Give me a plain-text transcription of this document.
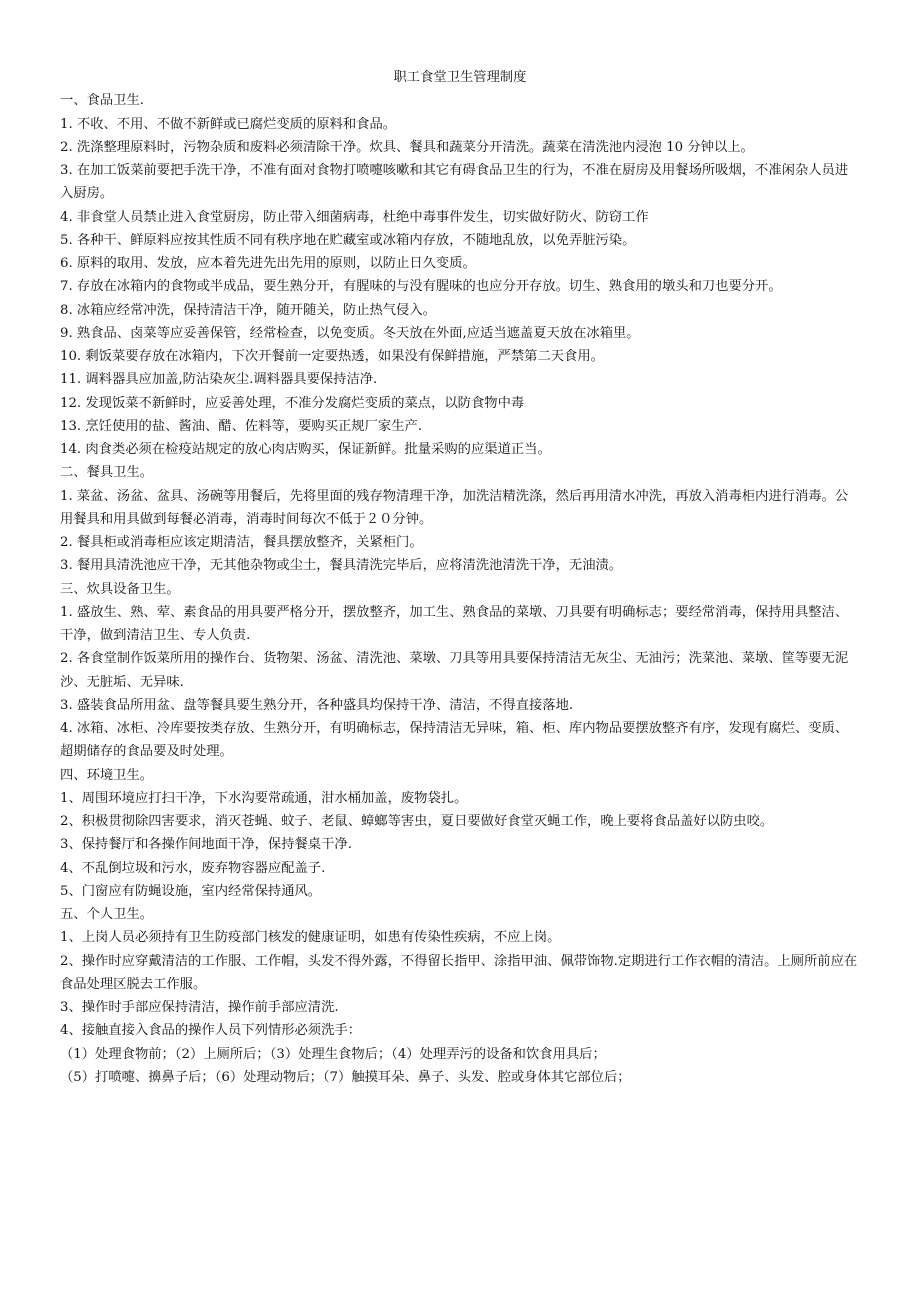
职工食堂卫生管理制度

一、食品卫生.

1. 不收、不用、不做不新鲜或已腐烂变质的原料和食品。

2. 洗涤整理原料时，污物杂质和废料必须清除干净。炊具、餐具和蔬菜分开清洗。蔬菜在清洗池内浸泡 10 分钟以上。

3. 在加工饭菜前要把手洗干净，不准有面对食物打喷嚏咳嗽和其它有碍食品卫生的行为，不准在厨房及用餐场所吸烟，不准闲杂人员进入厨房。

4. 非食堂人员禁止进入食堂厨房，防止带入细菌病毒，杜绝中毒事件发生，切实做好防火、防窃工作

5. 各种干、鲜原料应按其性质不同有秩序地在贮藏室或冰箱内存放，不随地乱放，以免弄脏污染。

6. 原料的取用、发放，应本着先进先出先用的原则，以防止日久变质。

7. 存放在冰箱内的食物或半成品，要生熟分开，有腥味的与没有腥味的也应分开存放。切生、熟食用的墩头和刀也要分开。

8. 冰箱应经常冲洗，保持清洁干净，随开随关，防止热气侵入。

9. 熟食品、卤菜等应妥善保管，经常检查，以免变质。冬天放在外面,应适当遮盖夏天放在冰箱里。

10. 剩饭菜要存放在冰箱内，下次开餐前一定要热透，如果没有保鲜措施，严禁第二天食用。

11. 调料器具应加盖,防沾染灰尘.调料器具要保持洁净.

12. 发现饭菜不新鲜时，应妥善处理，不准分发腐烂变质的菜点，以防食物中毒

13. 烹饪使用的盐、酱油、醋、佐料等，要购买正规厂家生产.

14. 肉食类必须在检疫站规定的放心肉店购买，保证新鲜。批量采购的应渠道正当。

二、餐具卫生。

1. 菜盆、汤盆、盆具、汤碗等用餐后，先将里面的残存物清理干净，加洗洁精洗涤，然后再用清水冲洗，再放入消毒柜内进行消毒。公用餐具和用具做到每餐必消毒，消毒时间每次不低于２０分钟。

2. 餐具柜或消毒柜应该定期清洁，餐具摆放整齐，关紧柜门。

3. 餐用具清洗池应干净，无其他杂物或尘土，餐具清洗完毕后，应将清洗池清洗干净，无油渍。

三、炊具设备卫生。

1. 盛放生、熟、荤、素食品的用具要严格分开，摆放整齐，加工生、熟食品的菜墩、刀具要有明确标志；要经常消毒，保持用具整洁、干净，做到清洁卫生、专人负责.

2. 各食堂制作饭菜所用的操作台、货物架、汤盆、清洗池、菜墩、刀具等用具要保持清洁无灰尘、无油污；洗菜池、菜墩、筐等要无泥沙、无脏垢、无异味.

3. 盛装食品所用盆、盘等餐具要生熟分开，各种盛具均保持干净、清洁，不得直接落地.

4. 冰箱、冰柜、冷库要按类存放、生熟分开，有明确标志，保持清洁无异味，箱、柜、库内物品要摆放整齐有序，发现有腐烂、变质、超期储存的食品要及时处理。

四、环境卫生。

1、周围环境应打扫干净，下水沟要常疏通，泔水桶加盖，废物袋扎。

2、积极贯彻除四害要求，消灭苍蝇、蚊子、老鼠、蟑螂等害虫，夏日要做好食堂灭蝇工作，晚上要将食品盖好以防虫咬。

3、保持餐厅和各操作间地面干净，保持餐桌干净.

4、不乱倒垃圾和污水，废弃物容器应配盖子.

5、门窗应有防蝇设施，室内经常保持通风。

五、个人卫生。

1、上岗人员必须持有卫生防疫部门核发的健康证明，如患有传染性疾病，不应上岗。

2、操作时应穿戴清洁的工作服、工作帽，头发不得外露，不得留长指甲、涂指甲油、佩带饰物.定期进行工作衣帽的清洁。上厕所前应在食品处理区脱去工作服。

3、操作时手部应保持清洁，操作前手部应清洗.

4、接触直接入食品的操作人员下列情形必须洗手：

（1）处理食物前；（2）上厕所后；（3）处理生食物后；（4）处理弄污的设备和饮食用具后；

（5）打喷嚏、擤鼻子后；（6）处理动物后；（7）触摸耳朵、鼻子、头发、腔或身体其它部位后；
